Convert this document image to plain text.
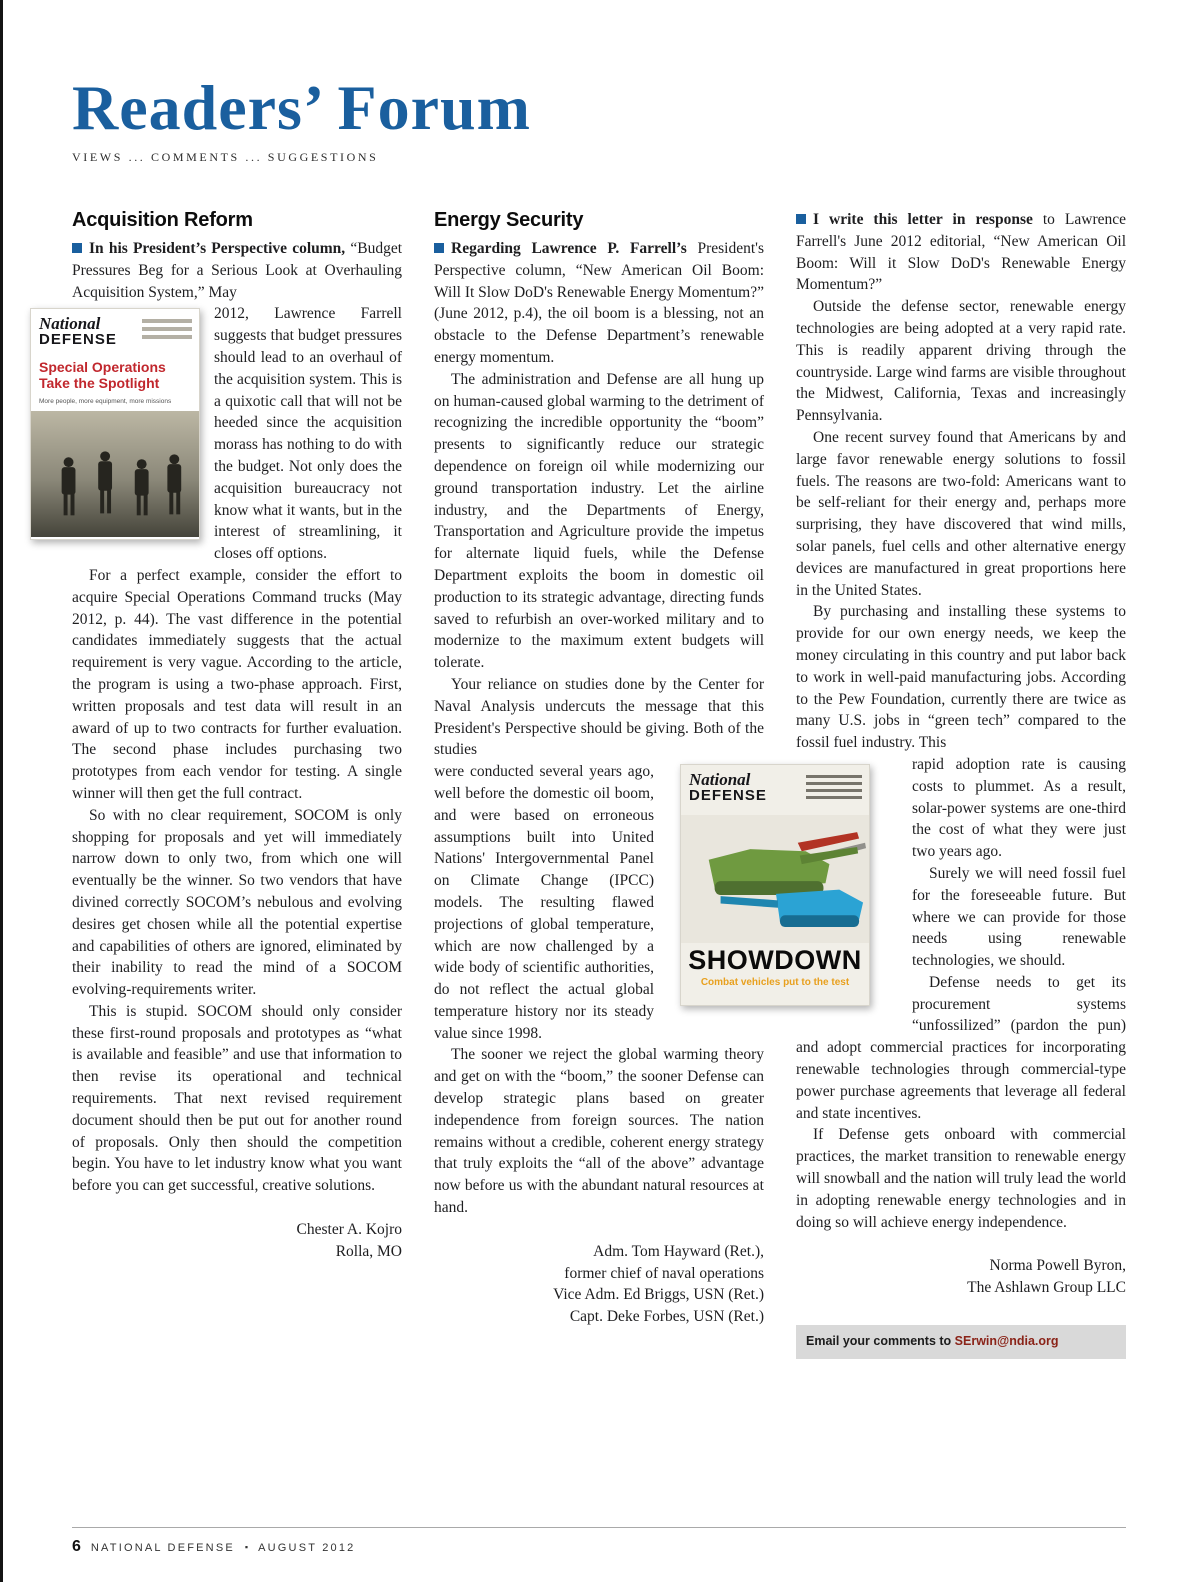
Readers’ Forum
VIEWS ... COMMENTS ... SUGGESTIONS
Acquisition Reform

In his President’s Perspective column, “Budget Pressures Beg for a Serious Look at Overhauling Acquisition System,” May

National
DEFENSE
Special Operations
Take the Spotlight
More people, more equipment, more missions
2012, Lawrence Farrell suggests that budget pressures should lead to an overhaul of the acquisition system. This is a quixotic call that will not be heeded since the acquisition morass has nothing to do with the budget. Not only does the acquisition bureaucracy not know what it wants, but in the interest of streamlining, it closes off options.

For a perfect example, consider the effort to acquire Special Operations Command trucks (May 2012, p. 44). The vast difference in the potential candidates immediately suggests that the actual requirement is very vague. According to the article, the program is using a two-phase approach. First, written proposals and test data will result in an award of up to two contracts for further evaluation. The second phase includes purchasing two prototypes from each vendor for testing. A single winner will then get the full contract.

So with no clear requirement, SOCOM is only shopping for proposals and yet will immediately narrow down to only two, from which one will eventually be the winner. So two vendors that have divined correctly SOCOM’s nebulous and evolving desires get chosen while all the potential expertise and capabilities of others are ignored, eliminated by their inability to read the mind of a SOCOM evolving-requirements writer.

This is stupid. SOCOM should only consider these first-round proposals and prototypes as “what is available and feasible” and use that information to then revise its operational and technical requirements. That next revised requirement document should then be put out for another round of proposals. Only then should the competition begin. You have to let industry know what you want before you can get successful, creative solutions.

Chester A. Kojro
Rolla, MO
Energy Security

Regarding Lawrence P. Farrell’s President's Perspective column, “New American Oil Boom: Will It Slow DoD's Renewable Energy Momentum?” (June 2012, p.4), the oil boom is a blessing, not an obstacle to the Defense Department’s renewable energy momentum.

The administration and Defense are all hung up on human-caused global warming to the detriment of recognizing the incredible opportunity the “boom” presents to significantly reduce our strategic dependence on foreign oil while modernizing our ground transportation industry. Let the airline industry, and the Departments of Energy, Transportation and Agriculture provide the impetus for alternate liquid fuels, while the Defense Department exploits the boom in domestic oil production to its strategic advantage, directing funds saved to refurbish an over-worked military and to modernize to the maximum extent budgets will tolerate.

Your reliance on studies done by the Center for Naval Analysis undercuts the message that this President's Perspective should be giving. Both of the studies

National
DEFENSE
SHOWDOWN
Combat vehicles put to the test
were conducted several years ago, well before the domestic oil boom, and were based on erroneous assumptions built into United Nations' Intergovernmental Panel on Climate Change (IPCC) models. The resulting flawed projections of global temperature, which are now challenged by a wide body of scientific authorities, do not reflect the actual global temperature history nor its steady value since 1998.

The sooner we reject the global warming theory and get on with the “boom,” the sooner Defense can develop strategic plans based on greater independence from foreign sources. The nation remains without a credible, coherent energy strategy that truly exploits the “all of the above” advantage now before us with the abundant natural resources at hand.

Adm. Tom Hayward (Ret.),
former chief of naval operations
Vice Adm. Ed Briggs, USN (Ret.)
Capt. Deke Forbes, USN (Ret.)

I write this letter in response to Lawrence Farrell's June 2012 editorial, “New American Oil Boom: Will it Slow DoD's Renewable Energy Momentum?”

Outside the defense sector, renewable energy technologies are being adopted at a very rapid rate. This is readily apparent driving through the countryside. Large wind farms are visible throughout the Midwest, California, Texas and increasingly Pennsylvania.

One recent survey found that Americans by and large favor renewable energy solutions to fossil fuels. The reasons are two-fold: Americans want to be self-reliant for their energy and, perhaps more surprising, they have discovered that wind mills, solar panels, fuel cells and other alternative energy devices are manufactured in great proportions here in the United States.

By purchasing and installing these systems to provide for our own energy needs, we keep the money circulating in this country and put labor back to work in well-paid manufacturing jobs. According to the Pew Foundation, currently there are twice as many U.S. jobs in “green tech” compared to the fossil fuel industry. This

rapid adoption rate is causing costs to plummet. As a result, solar-power systems are one-third the cost of what they were just two years ago.

Surely we will need fossil fuel for the foreseeable future. But where we can provide for those needs using renewable technologies, we should.

Defense needs to get its procurement systems “unfossilized” (pardon the pun) and adopt commercial practices for incorporating renewable technologies through commercial-type power purchase agreements that leverage all federal and state incentives.

If Defense gets onboard with commercial practices, the market transition to renewable energy will snowball and the nation will truly lead the world in adopting renewable energy technologies and in doing so will achieve energy independence.

Norma Powell Byron,
The Ashlawn Group LLC
Email your comments to SErwin@ndia.org
6 NATIONAL DEFENSE ▪ AUGUST 2012
